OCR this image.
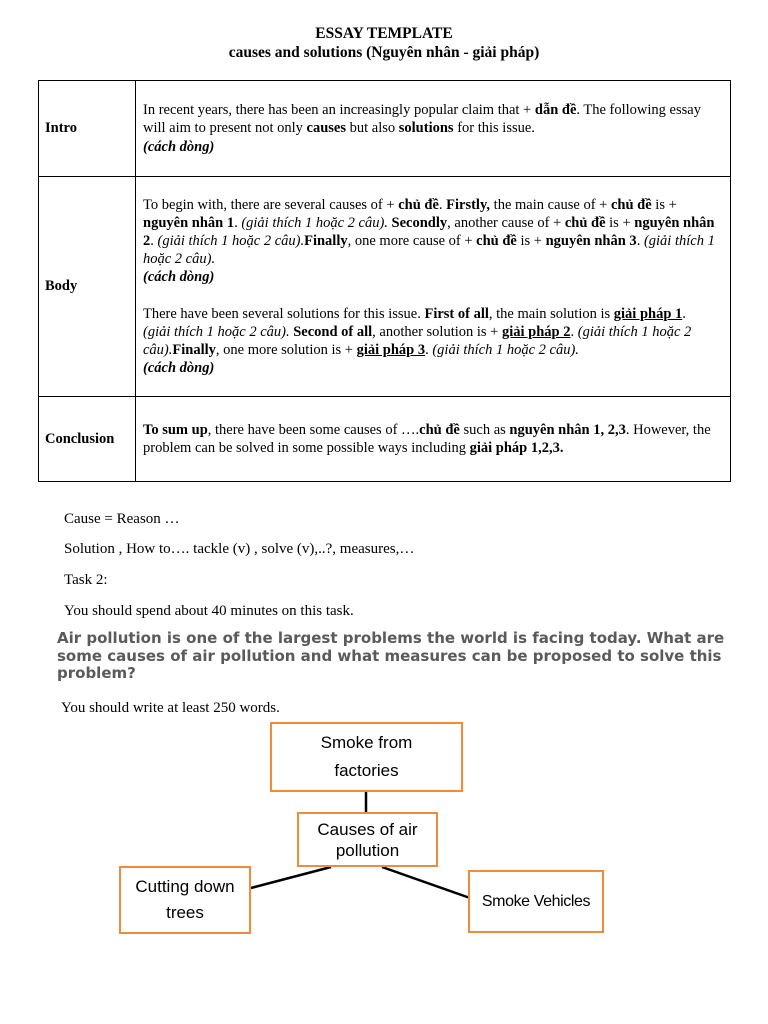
ESSAY TEMPLATE
causes and solutions (Nguyên nhân - giải pháp)
Intro	In recent years, there has been an increasingly popular claim that + dẫn đề. The following essay will aim to present not only causes but also solutions for this issue.

(cách dòng)

Body	To begin with, there are several causes of + chủ đề. Firstly, the main cause of + chủ đề is + nguyên nhân 1. (giải thích 1 hoặc 2 câu). Secondly, another cause of + chủ đề is + nguyên nhân 2. (giải thích 1 hoặc 2 câu).Finally, one more cause of + chủ đề is + nguyên nhân 3. (giải thích 1 hoặc 2 câu).

(cách dòng)

There have been several solutions for this issue. First of all, the main solution is giải pháp 1. (giải thích 1 hoặc 2 câu). Second of all, another solution is + giải pháp 2. (giải thích 1 hoặc 2 câu).Finally, one more solution is + giải pháp 3. (giải thích 1 hoặc 2 câu).

(cách dòng)

Conclusion	To sum up, there have been some causes of ….chủ đề such as nguyên nhân 1, 2,3. However, the problem can be solved in some possible ways including giải pháp 1,2,3.

Cause = Reason …
Solution , How to…. tackle (v) , solve (v),..?, measures,…
Task 2:
You should spend about 40 minutes on this task.
Air pollution is one of the largest problems the world is facing today. What are some causes of air pollution and what measures can be proposed to solve this problem?
You should write at least 250 words.
Smoke from factories
Causes of air pollution
Cutting down trees
Smoke Vehicles
